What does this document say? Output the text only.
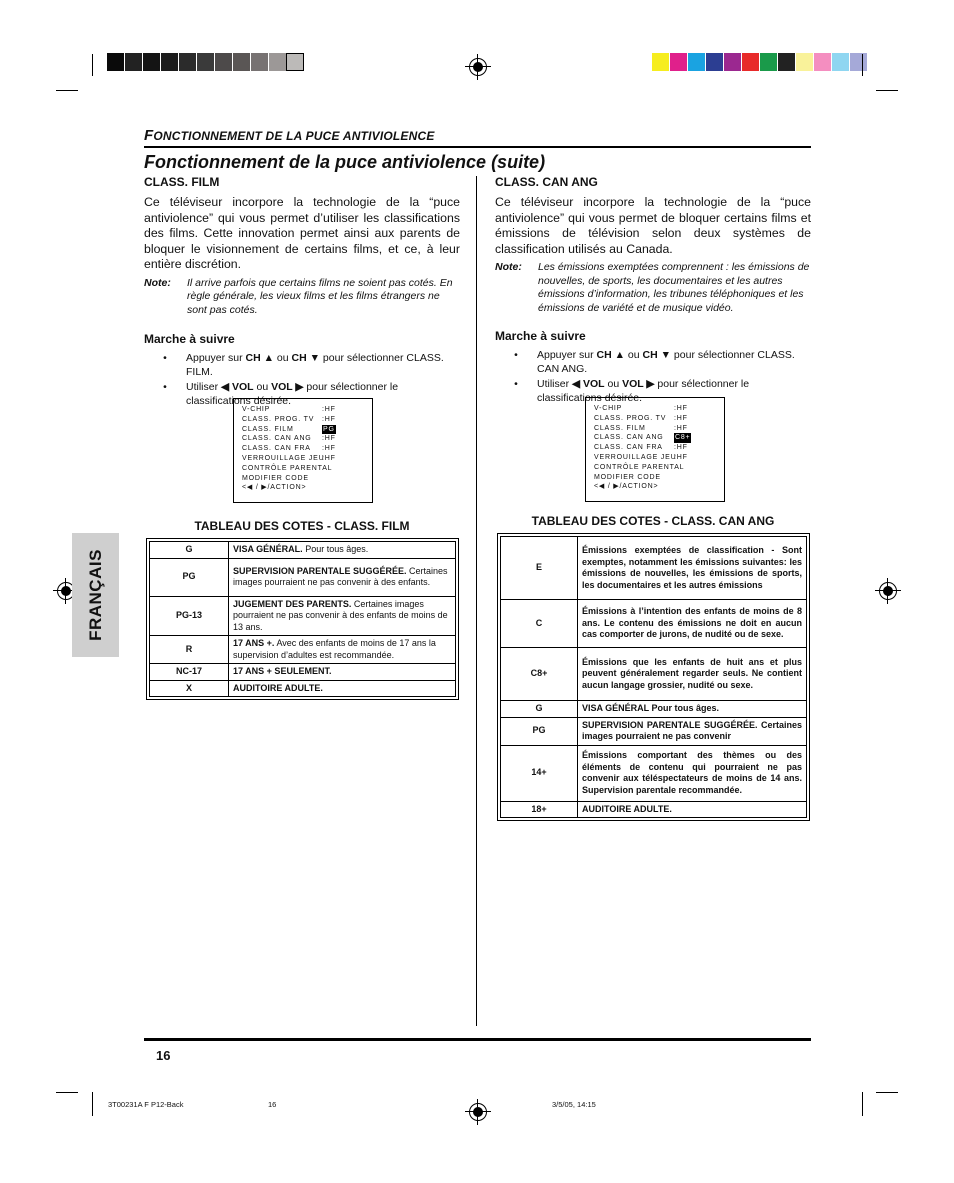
FONCTIONNEMENT DE LA PUCE ANTIVIOLENCE
Fonctionnement de la puce antiviolence (suite)
CLASS. FILM

Ce téléviseur incorpore la technologie de la “puce antiviolence” qui vous permet d’utiliser les classifications des films. Cette innovation permet ainsi aux parents de bloquer le visionnement de certains films, et ce, à leur entière discrétion.

Note:	Il arrive parfois que certains films ne soient pas cotés. En règle générale, les vieux films et les films étrangers ne sont pas cotés.
Marche à suivre
•	Appuyer sur CH ▲ ou CH ▼ pour sélectionner CLASS. FILM.
•	Utiliser ◀ VOL ou VOL ▶ pour sélectionner le classifications désirée.
V-CHIP	:HF
CLASS. PROG. TV	:HF
CLASS. FILM	PG
CLASS. CAN ANG	:HF
CLASS. CAN FRA	:HF
VERROUILLAGE JEU
:HF
CONTRÔLE PARENTAL
MODIFIER CODE
<◀ / ▶/ACTION>
TABLEAU DES COTES - CLASS. FILM
G	VISA GÉNÉRAL. Pour tous âges.
PG	SUPERVISION PARENTALE SUGGÉRÉE. Certaines images pourraient ne pas convenir à des enfants.
PG-13	JUGEMENT DES PARENTS. Certaines images pourraient ne pas convenir à des enfants de moins de 13 ans.
R	17 ANS +. Avec des enfants de moins de 17 ans la supervision d’adultes est recommandée.
NC-17	17 ANS + SEULEMENT.
X	AUDITOIRE ADULTE.
CLASS. CAN ANG

Ce téléviseur incorpore la technologie de la “puce antiviolence” qui vous permet de bloquer certains films et émissions de télévision selon deux systèmes de classification utilisés au Canada.

Note:	Les émissions exemptées comprennent : les émissions de nouvelles, de sports, les documentaires et les autres émissions d’information, les tribunes téléphoniques et les émissions de variété et de musique vidéo.
Marche à suivre
•	Appuyer sur CH ▲ ou CH ▼ pour sélectionner CLASS. CAN ANG.
•	Utiliser ◀ VOL ou VOL ▶ pour sélectionner le classifications désirée.
V-CHIP	:HF
CLASS. PROG. TV	:HF
CLASS. FILM	:HF
CLASS. CAN ANG	C8+
CLASS. CAN FRA	:HF
VERROUILLAGE JEU
:HF
CONTRÔLE PARENTAL
MODIFIER CODE
<◀ / ▶/ACTION>
TABLEAU DES COTES - CLASS. CAN ANG
E	Émissions exemptées de classification - Sont exemptes, notamment les émissions suivantes: les émissions de nouvelles, les émissions de sports, les documentaires et les autres émissions
C	Émissions à l’intention des enfants de moins de 8 ans. Le contenu des émissions ne doit en aucun cas comporter de jurons, de nudité ou de sexe.
C8+	Émissions que les enfants de huit ans et plus peuvent généralement regarder seuls. Ne contient aucun langage grossier, nudité ou sexe.
G	VISA GÉNÉRAL Pour tous âges.
PG	SUPERVISION PARENTALE SUGGÉRÉE. Certaines images pourraient ne pas convenir
14+	Émissions comportant des thèmes ou des éléments de contenu qui pourraient ne pas convenir aux téléspectateurs de moins de 14 ans. Supervision parentale recommandée.
18+	AUDITOIRE ADULTE.
FRANÇAIS
16
3T00231A F P12-Back	16	3/5/05, 14:15
